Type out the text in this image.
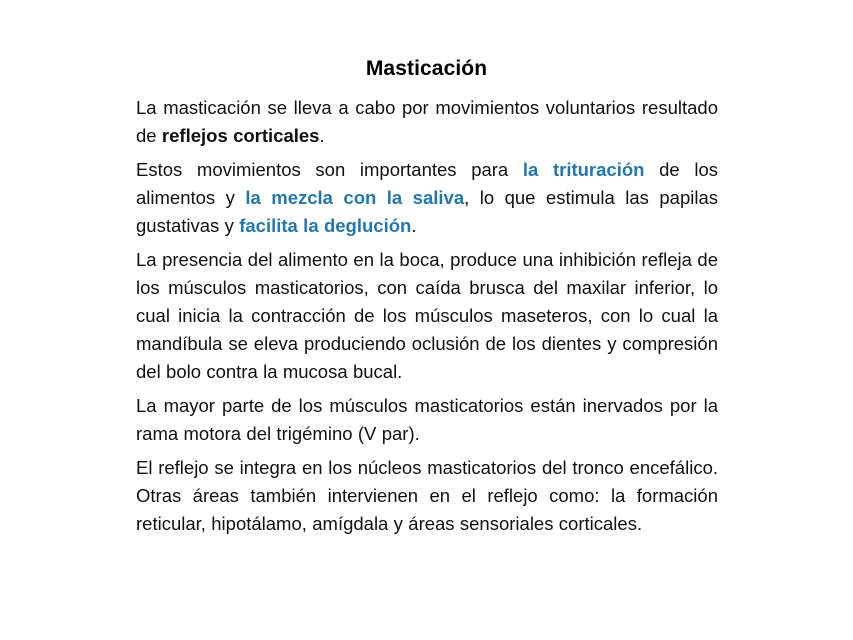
Masticación

La masticación se lleva a cabo por movimientos voluntarios resultado de reflejos corticales.

Estos movimientos son importantes para la trituración de los alimentos y la mezcla con la saliva, lo que estimula las papilas gustativas y facilita la deglución.

La presencia del alimento en la boca, produce una inhibición refleja de los músculos masticatorios, con caída brusca del maxilar inferior, lo cual inicia la contracción de los músculos maseteros, con lo cual la mandíbula se eleva produciendo oclusión de los dientes y compresión del bolo contra la mucosa bucal.

La mayor parte de los músculos masticatorios están inervados por la rama motora del trigémino (V par).

El reflejo se integra en los núcleos masticatorios del tronco encefálico. Otras áreas también intervienen en el reflejo como: la formación reticular, hipotálamo, amígdala y áreas sensoriales corticales.
